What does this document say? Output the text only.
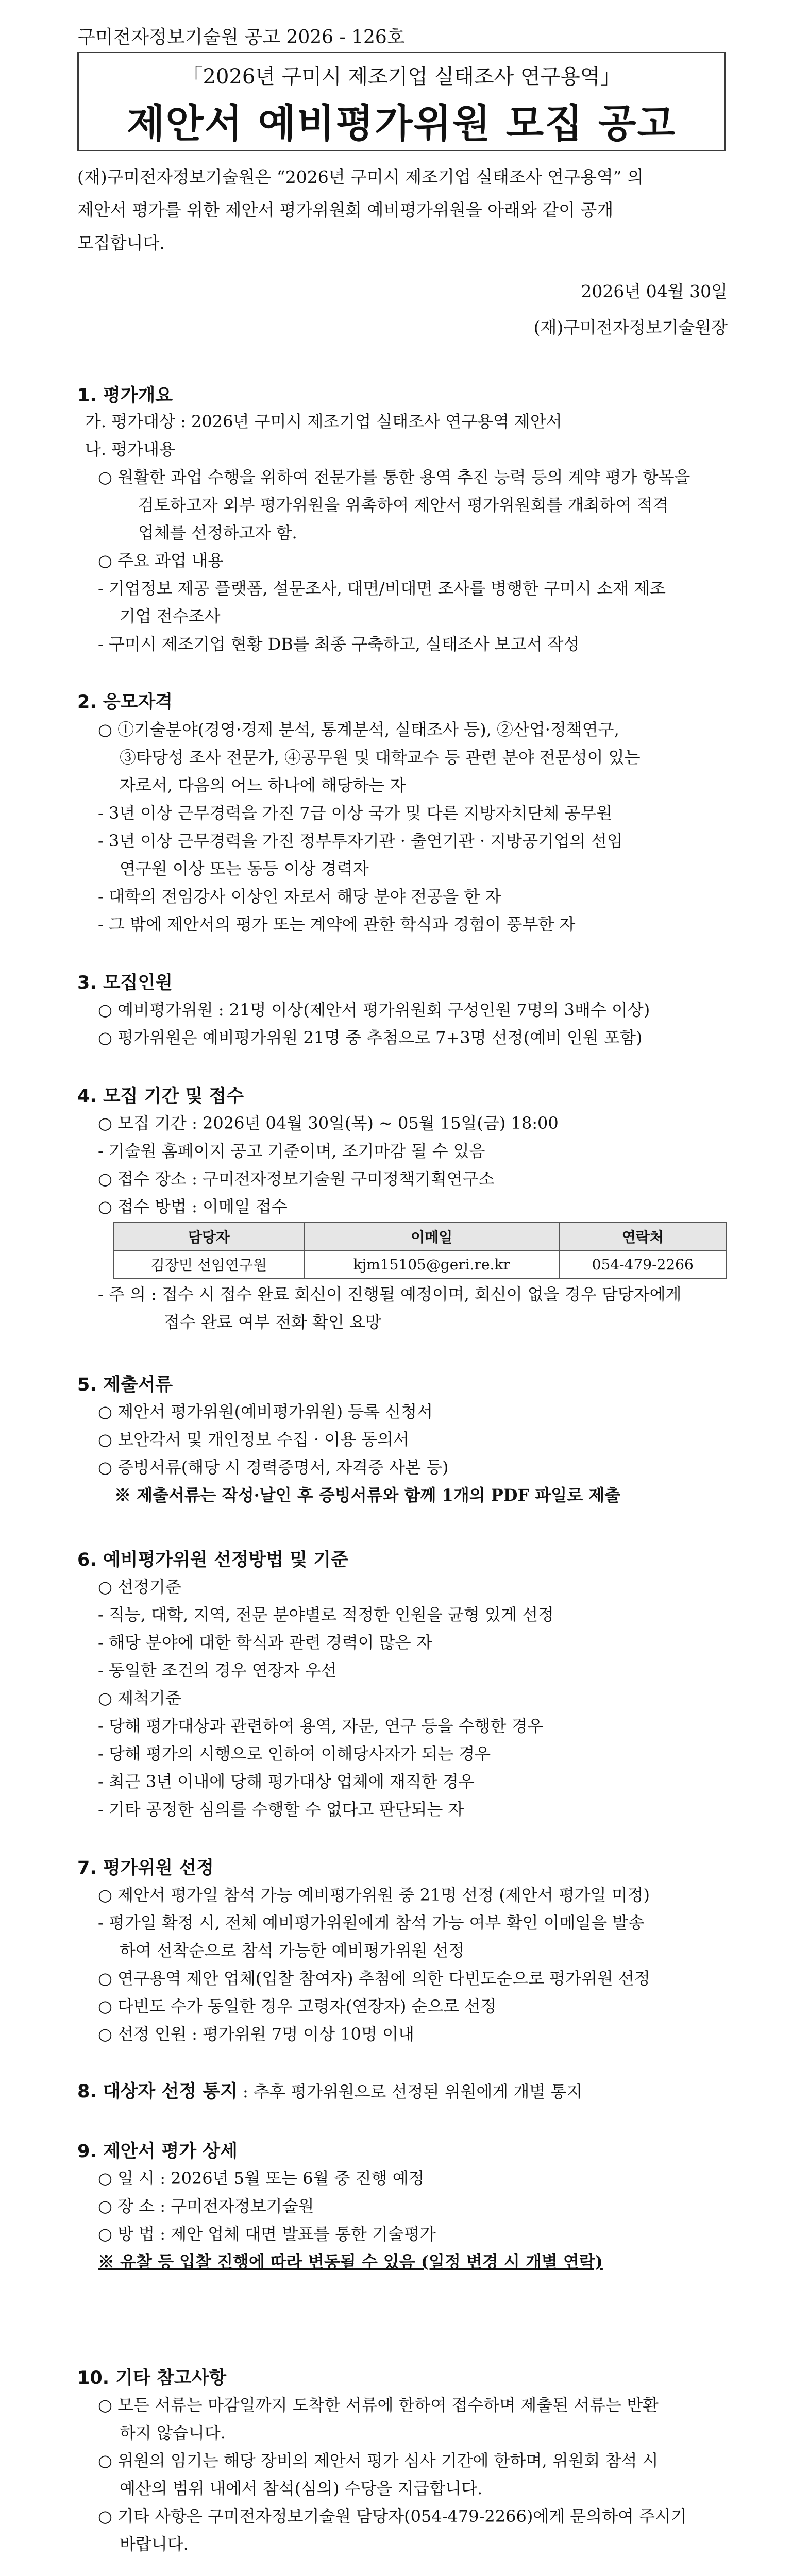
구미전자정보기술원 공고 2026 - 126호
「2026년 구미시 제조기업 실태조사 연구용역」
제안서 예비평가위원 모집 공고
(재)구미전자정보기술원은 “2026년 구미시 제조기업 실태조사 연구용역” 의
제안서 평가를 위한 제안서 평가위원회 예비평가위원을 아래와 같이 공개
모집합니다.
2026년 04월 30일
(재)구미전자정보기술원장
1. 평가개요
가. 평가대상 : 2026년 구미시 제조기업 실태조사 연구용역 제안서
나. 평가내용
○ 원활한 과업 수행을 위하여 전문가를 통한 용역 추진 능력 등의 계약 평가 항목을
검토하고자 외부 평가위원을 위촉하여 제안서 평가위원회를 개최하여 적격
업체를 선정하고자 함.
○ 주요 과업 내용
- 기업정보 제공 플랫폼, 설문조사, 대면/비대면 조사를 병행한 구미시 소재 제조
기업 전수조사
- 구미시 제조기업 현황 DB를 최종 구축하고, 실태조사 보고서 작성
2. 응모자격
○ ①기술분야(경영·경제 분석, 통계분석, 실태조사 등), ②산업·정책연구,
③타당성 조사 전문가, ④공무원 및 대학교수 등 관련 분야 전문성이 있는
자로서, 다음의 어느 하나에 해당하는 자
- 3년 이상 근무경력을 가진 7급 이상 국가 및 다른 지방자치단체 공무원
- 3년 이상 근무경력을 가진 정부투자기관 · 출연기관 · 지방공기업의 선임
연구원 이상 또는 동등 이상 경력자
- 대학의 전임강사 이상인 자로서 해당 분야 전공을 한 자
- 그 밖에 제안서의 평가 또는 계약에 관한 학식과 경험이 풍부한 자
3. 모집인원
○ 예비평가위원 : 21명 이상(제안서 평가위원회 구성인원 7명의 3배수 이상)
○ 평가위원은 예비평가위원 21명 중 추첨으로 7+3명 선정(예비 인원 포함)
4. 모집 기간 및 접수
○ 모집 기간 : 2026년 04월 30일(목) ~ 05월 15일(금) 18:00
- 기술원 홈페이지 공고 기준이며, 조기마감 될 수 있음
○ 접수 장소 : 구미전자정보기술원 구미정책기획연구소
○ 접수 방법 : 이메일 접수
담당자	이메일	연락처
김장민 선임연구원	kjm15105@geri.re.kr	054-479-2266
- 주 의 : 접수 시 접수 완료 회신이 진행될 예정이며, 회신이 없을 경우 담당자에게
접수 완료 여부 전화 확인 요망
5. 제출서류
○ 제안서 평가위원(예비평가위원) 등록 신청서
○ 보안각서 및 개인정보 수집 · 이용 동의서
○ 증빙서류(해당 시 경력증명서, 자격증 사본 등)
※ 제출서류는 작성·날인 후 증빙서류와 함께 1개의 PDF 파일로 제출
6. 예비평가위원 선정방법 및 기준
○ 선정기준
- 직능, 대학, 지역, 전문 분야별로 적정한 인원을 균형 있게 선정
- 해당 분야에 대한 학식과 관련 경력이 많은 자
- 동일한 조건의 경우 연장자 우선
○ 제척기준
- 당해 평가대상과 관련하여 용역, 자문, 연구 등을 수행한 경우
- 당해 평가의 시행으로 인하여 이해당사자가 되는 경우
- 최근 3년 이내에 당해 평가대상 업체에 재직한 경우
- 기타 공정한 심의를 수행할 수 없다고 판단되는 자
7. 평가위원 선정
○ 제안서 평가일 참석 가능 예비평가위원 중 21명 선정 (제안서 평가일 미정)
- 평가일 확정 시, 전체 예비평가위원에게 참석 가능 여부 확인 이메일을 발송
하여 선착순으로 참석 가능한 예비평가위원 선정
○ 연구용역 제안 업체(입찰 참여자) 추첨에 의한 다빈도순으로 평가위원 선정
○ 다빈도 수가 동일한 경우 고령자(연장자) 순으로 선정
○ 선정 인원 : 평가위원 7명 이상 10명 이내
8. 대상자 선정 통지 : 추후 평가위원으로 선정된 위원에게 개별 통지
9. 제안서 평가 상세
○ 일 시 : 2026년 5월 또는 6월 중 진행 예정
○ 장 소 : 구미전자정보기술원
○ 방 법 : 제안 업체 대면 발표를 통한 기술평가
※ 유찰 등 입찰 진행에 따라 변동될 수 있음 (일정 변경 시 개별 연락)
10. 기타 참고사항
○ 모든 서류는 마감일까지 도착한 서류에 한하여 접수하며 제출된 서류는 반환
하지 않습니다.
○ 위원의 임기는 해당 장비의 제안서 평가 심사 기간에 한하며, 위원회 참석 시
예산의 범위 내에서 참석(심의) 수당을 지급합니다.
○ 기타 사항은 구미전자정보기술원 담당자(054-479-2266)에게 문의하여 주시기
바랍니다.
